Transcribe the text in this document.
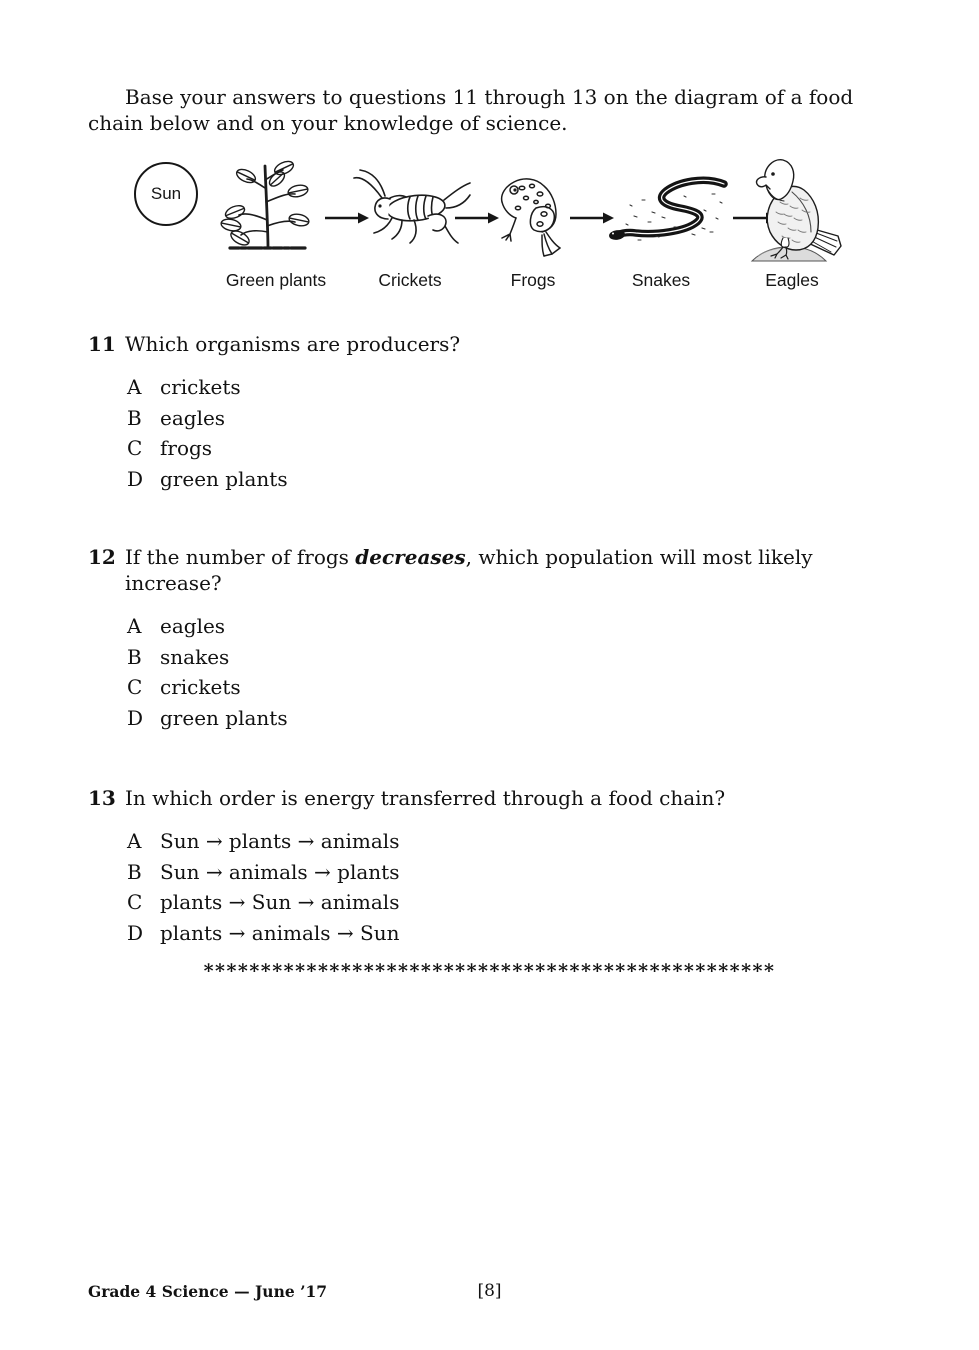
Base your answers to questions 11 through 13 on the diagram of a food
chain below and on your knowledge of science.
Sun
Green plants	Crickets	Frogs	Snakes	Eagles
11 Which organisms are producers?
A crickets
B eagles
C frogs
D green plants
12 If the number of frogs decreases, which population will most likely
increase?
A eagles
B snakes
C crickets
D green plants
13 In which order is energy transferred through a food chain?
A Sun → plants → animals
B Sun → animals → plants
C plants → Sun → animals
D plants → animals → Sun
**************************************************
Grade 4 Science — June ’17	[8]
